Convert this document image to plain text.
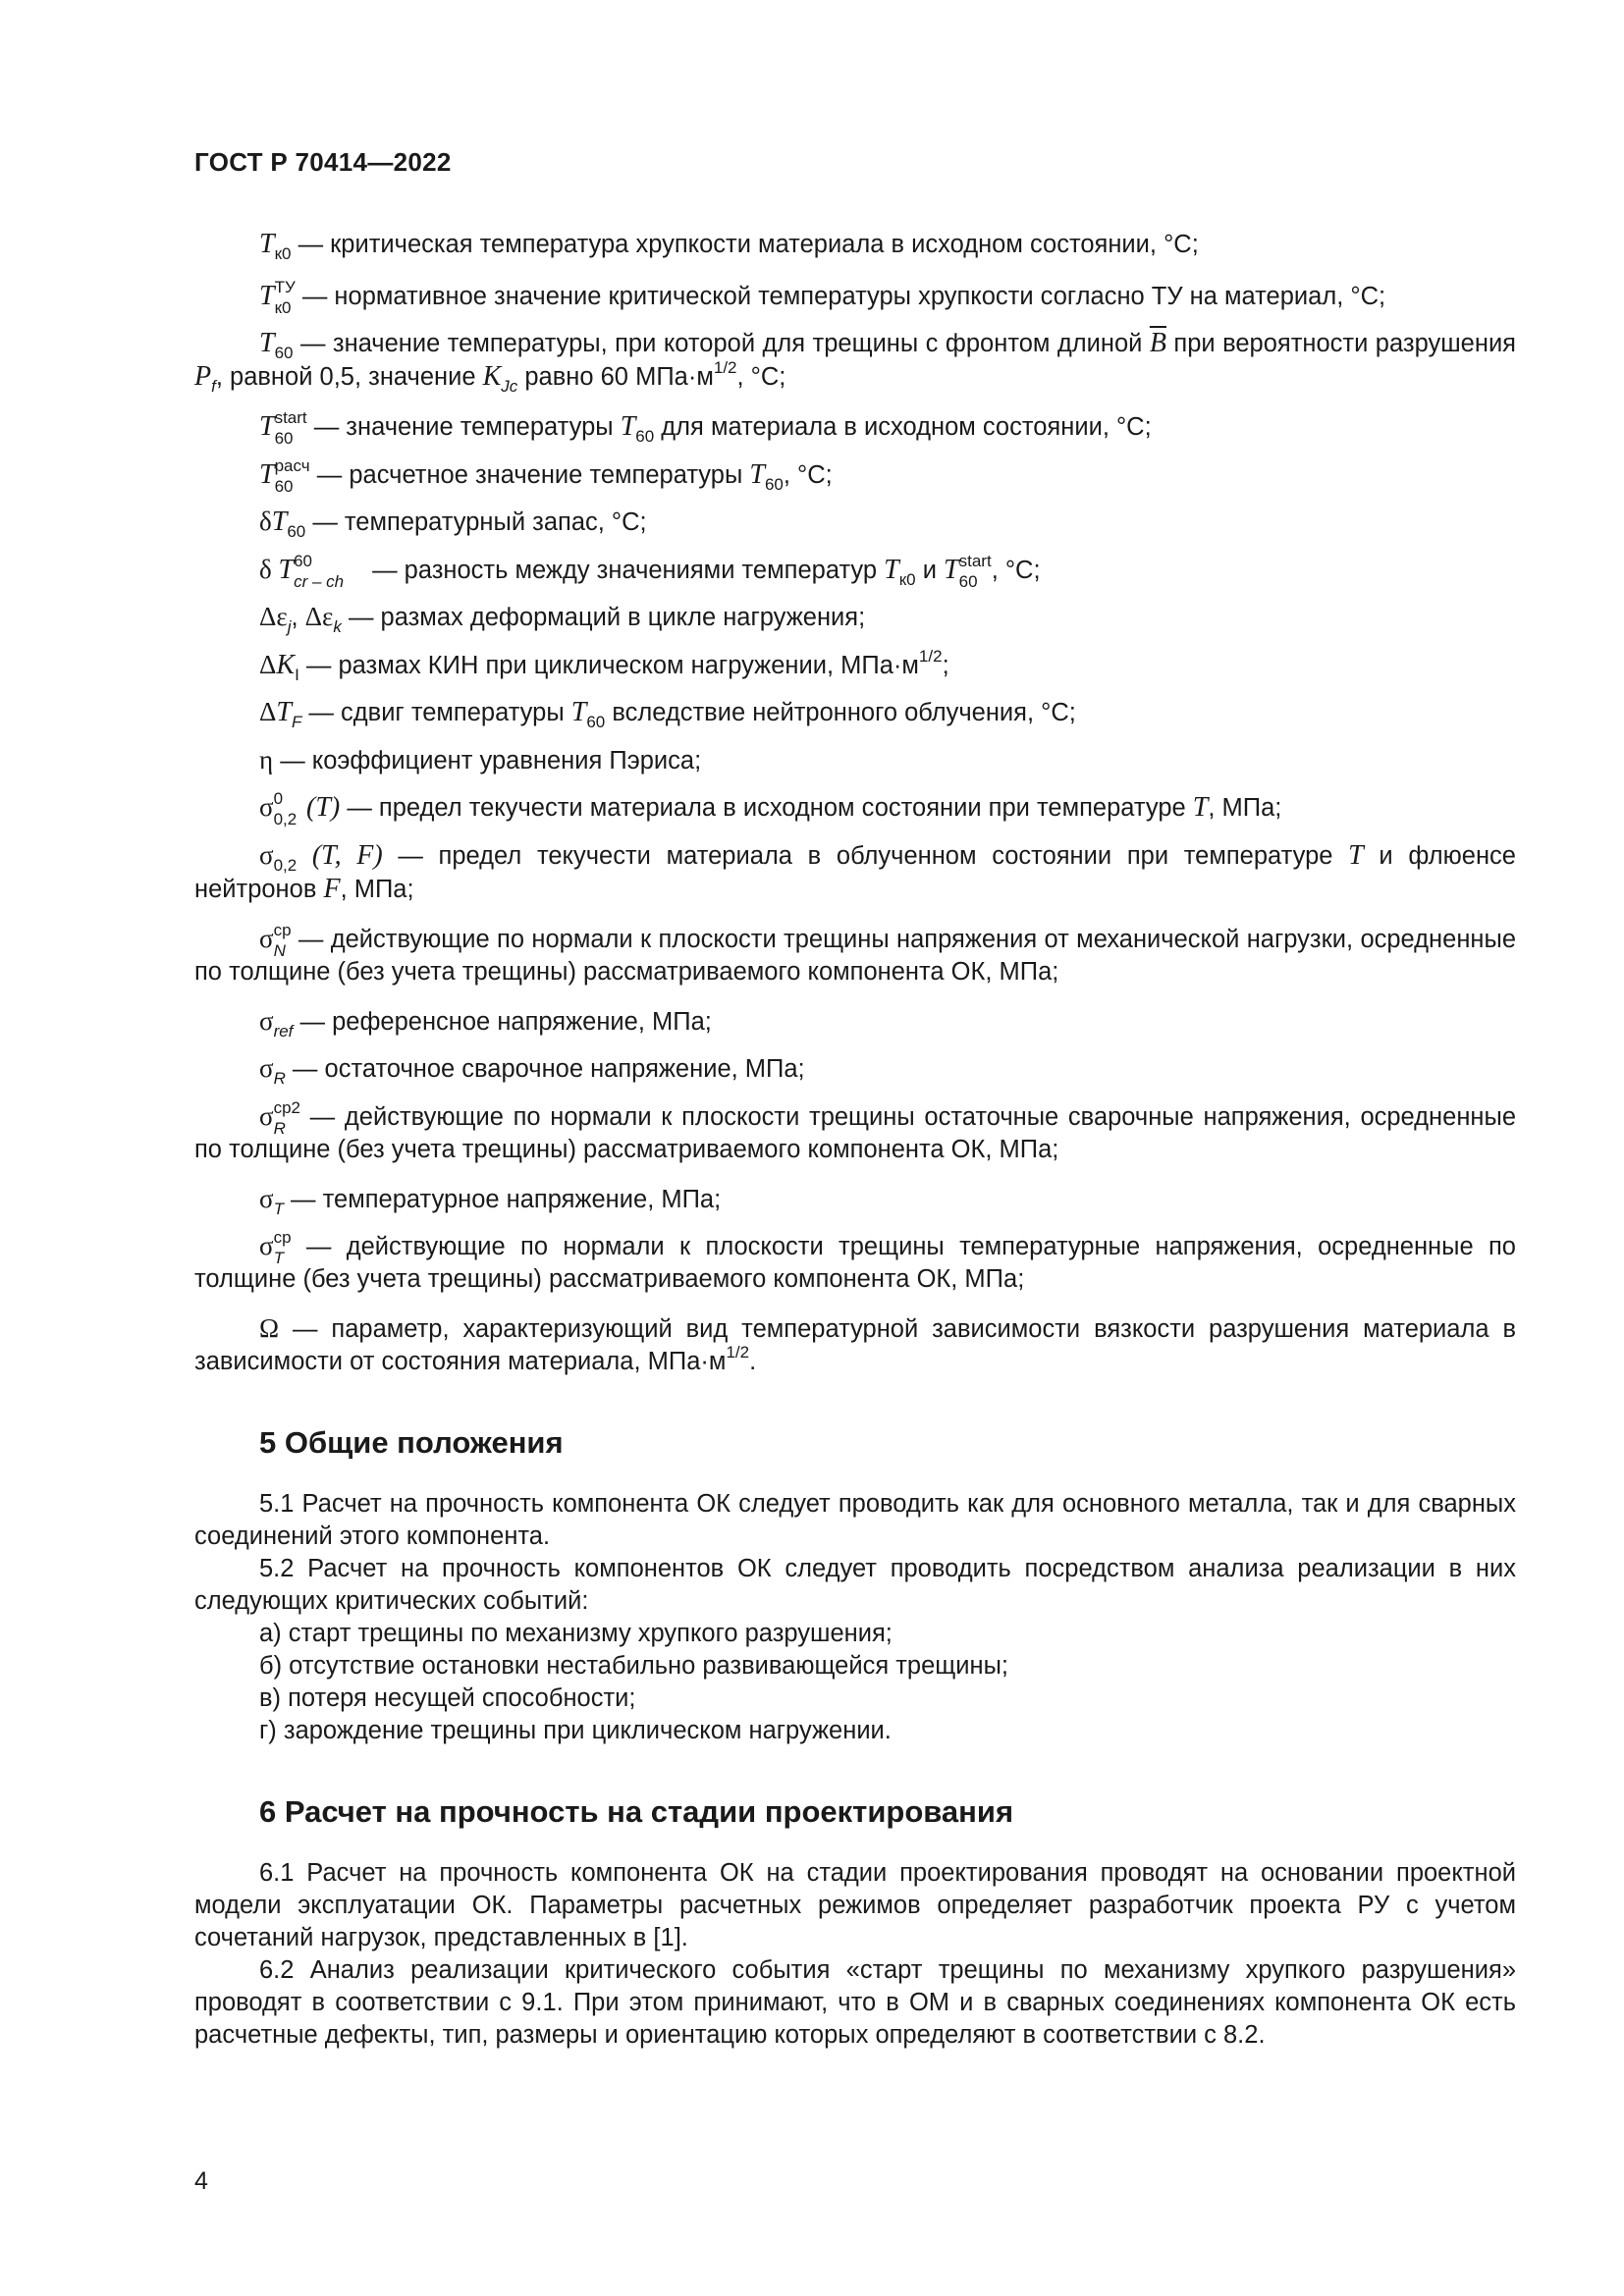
ГОСТ Р 70414—2022

$T_{к0}$ — критическая температура хрупкости материала в исходном состоянии, °С;

T ТУ
к0 — нормативное значение критической температуры хрупкости согласно ТУ на материал, °С;

$T_{60}$ — значение температуры, при которой для трещины с фронтом длиной $\overline{B}$ при вероятности разрушения $P_f$, равной 0,5, значение $K_{Jc}$ равно 60 $МПа\cdot м^{1/2}$, °С;

T start
60 — значение температуры $T_{60}$ для материала в исходном состоянии, °С;

T расч
60 — расчетное значение температуры $T_{60}$, °С;

$\delta T_{60}$ — температурный запас, °С;

δ T 60
cr – ch — разность между значениями температур $T_{к0}$ и T start
60 , °С;

$\Delta\varepsilon_j$, $\Delta\varepsilon_k$ — размах деформаций в цикле нагружения;

$\Delta K_I$ — размах КИН при циклическом нагружении, $МПа\cdot м^{1/2}$;

$\Delta T_F$ — сдвиг температуры $T_{60}$ вследствие нейтронного облучения, °С;

η — коэффициент уравнения Пэриса;

σ 0
0,2 (T) — предел текучести материала в исходном состоянии при температуре T, МПа;

$\sigma_{0,2}$ (T, F) — предел текучести материала в облученном состоянии при температуре T и флюенсе нейтронов F, МПа;

σ ср
N — действующие по нормали к плоскости трещины напряжения от механической нагрузки, осредненные по толщине (без учета трещины) рассматриваемого компонента ОК, МПа;

$\sigma_{ref}$ — референсное напряжение, МПа;

$\sigma_R$ — остаточное сварочное напряжение, МПа;

σ ср2
R — действующие по нормали к плоскости трещины остаточные сварочные напряжения, осредненные по толщине (без учета трещины) рассматриваемого компонента ОК, МПа;

$\sigma_T$ — температурное напряжение, МПа;

σ ср
T — действующие по нормали к плоскости трещины температурные напряжения, осредненные по толщине (без учета трещины) рассматриваемого компонента ОК, МПа;

Ω — параметр, характеризующий вид температурной зависимости вязкости разрушения материала в зависимости от состояния материала, $МПа\cdot м^{1/2}$.

5 Общие положения

5.1 Расчет на прочность компонента ОК следует проводить как для основного металла, так и для сварных соединений этого компонента.

5.2 Расчет на прочность компонентов ОК следует проводить посредством анализа реализации в них следующих критических событий:

а) старт трещины по механизму хрупкого разрушения;

б) отсутствие остановки нестабильно развивающейся трещины;

в) потеря несущей способности;

г) зарождение трещины при циклическом нагружении.

6 Расчет на прочность на стадии проектирования

6.1 Расчет на прочность компонента ОК на стадии проектирования проводят на основании проектной модели эксплуатации ОК. Параметры расчетных режимов определяет разработчик проекта РУ с учетом сочетаний нагрузок, представленных в [1].

6.2 Анализ реализации критического события «старт трещины по механизму хрупкого разрушения» проводят в соответствии с 9.1. При этом принимают, что в ОМ и в сварных соединениях компонента ОК есть расчетные дефекты, тип, размеры и ориентацию которых определяют в соответствии с 8.2.

4
